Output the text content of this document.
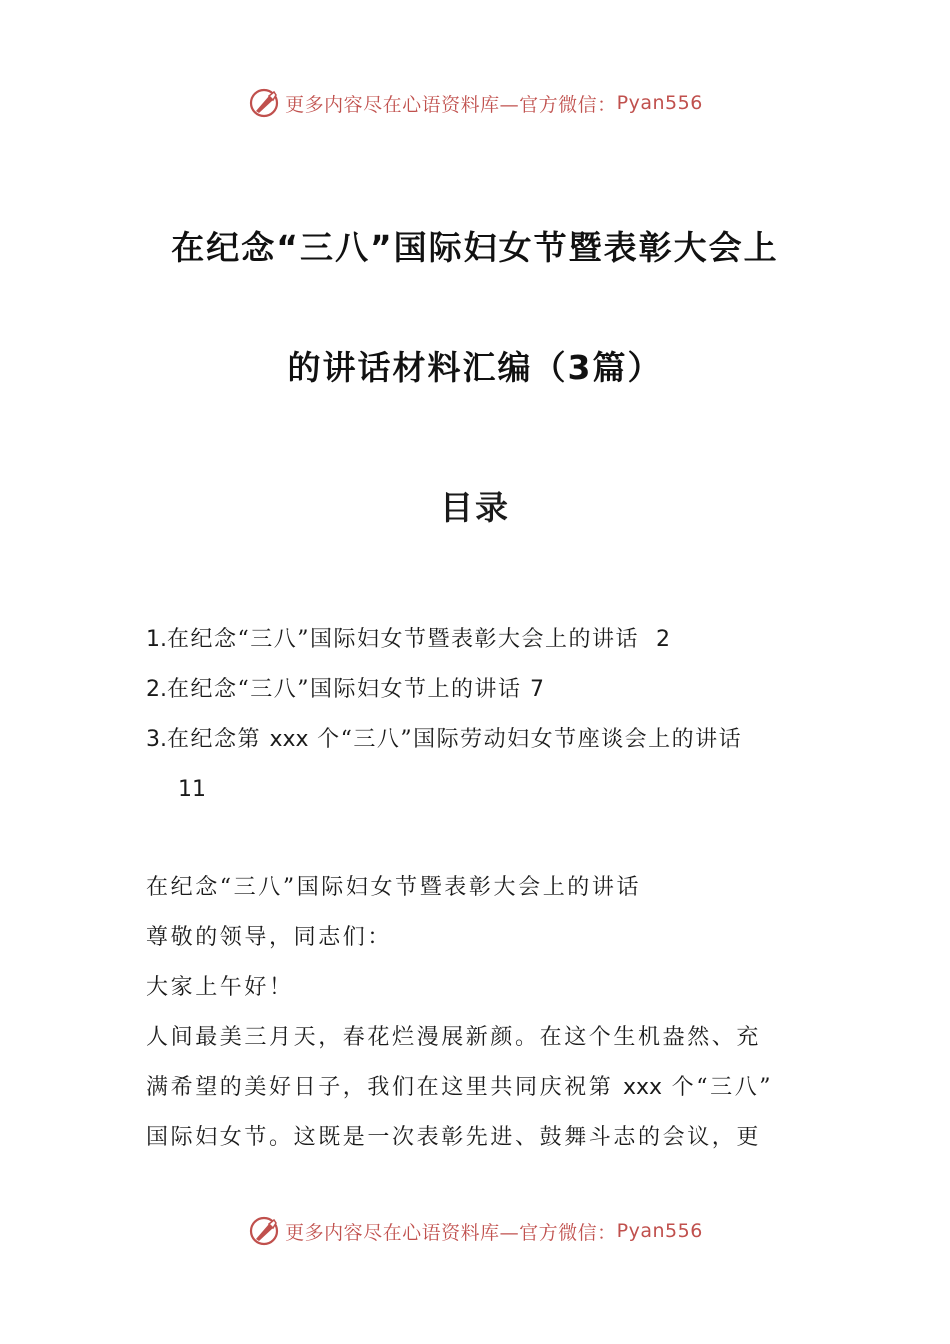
更多内容尽在心语资料库—官方微信： Pyan556
在纪念“三八”国际妇女节暨表彰大会上
的讲话材料汇编（3篇）
目录
1.在纪念“三八”国际妇女节暨表彰大会上的讲话 2
2.在纪念“三八”国际妇女节上的讲话 7
3.在纪念第 xxx 个“三八”国际劳动妇女节座谈会上的讲话
11

在纪念“三八”国际妇女节暨表彰大会上的讲话

尊敬的领导，同志们：

大家上午好！

人间最美三月天，春花烂漫展新颜。在这个生机盎然、充

满希望的美好日子，我们在这里共同庆祝第 xxx 个“三八”

国际妇女节。这既是一次表彰先进、鼓舞斗志的会议，更

更多内容尽在心语资料库—官方微信： Pyan556
